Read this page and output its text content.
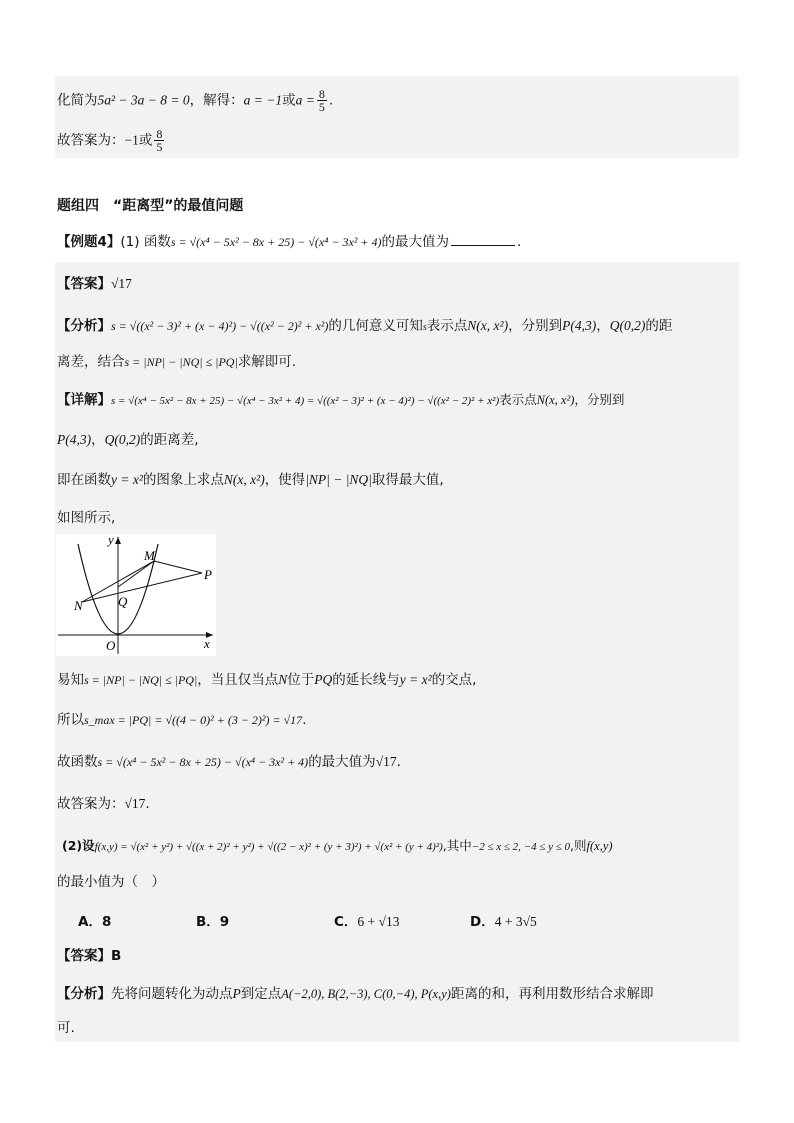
化简为5a² − 3a − 8 = 0，解得：a = −1或$a = \frac{8}{5}$ .
故答案为：−1或 $\frac{8}{5}$
题组四　“距离型”的最值问题
【例题4】(1) 函数s = √(x⁴ − 5x² − 8x + 25) − √(x⁴ − 3x² + 4)的最大值为	.
【答案】√17
【分析】s = √((x² − 3)² + (x − 4)²) − √((x² − 2)² + x²)的几何意义可知s表示点N(x, x²)，分别到P(4,3)，Q(0,2)的距
离差，结合s = |NP| − |NQ| ≤ |PQ|求解即可.
【详解】s = √(x⁴ − 5x² − 8x + 25) − √(x⁴ − 3x² + 4) = √((x² − 3)² + (x − 4)²) − √((x² − 2)² + x²)表示点N(x, x²)，分别到
P(4,3)，Q(0,2)的距离差,
即在函数y = x²的图象上求点N(x, x²)，使得|NP| − |NQ|取得最大值,
如图所示,
y
x
O
M
P
N	Q
易知s = |NP| − |NQ| ≤ |PQ|，当且仅当点N位于PQ的延长线与y = x²的交点,
所以s_max = |PQ| = √((4 − 0)² + (3 − 2)²) = √17.
故函数s = √(x⁴ − 5x² − 8x + 25) − √(x⁴ − 3x² + 4)的最大值为√17.
故答案为：√17.
(2)设f(x,y) = √(x² + y²) + √((x + 2)² + y²) + √((2 − x)² + (y + 3)²) + √(x² + (y + 4)²),其中−2 ≤ x ≤ 2, −4 ≤ y ≤ 0,则f(x,y)
的最小值为（　）
A．8	B．9	C．6 + √13	D．4 + 3√5
【答案】B
【分析】先将问题转化为动点P到定点A(−2,0), B(2,−3), C(0,−4), P(x,y)距离的和，再利用数形结合求解即
可.
